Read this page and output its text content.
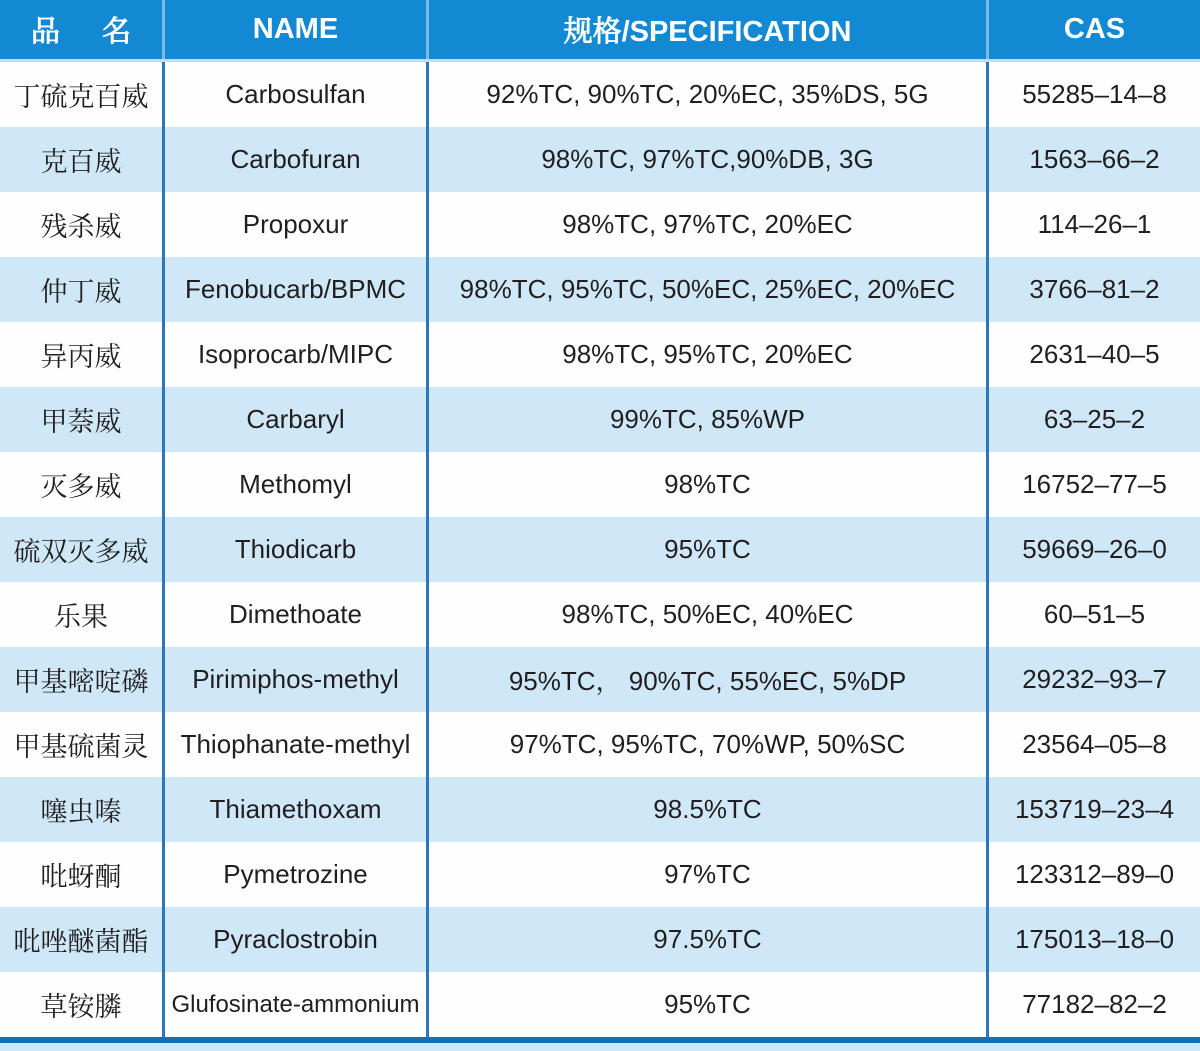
品 名	NAME	规格/SPECIFICATION	CAS
丁硫克百威	Carbosulfan	92%TC, 90%TC, 20%EC, 35%DS, 5G	55285–14–8
克百威	Carbofuran	98%TC, 97%TC,90%DB, 3G	1563–66–2
残杀威	Propoxur	98%TC, 97%TC, 20%EC	114–26–1
仲丁威 Fenobucarb/BPMC 98%TC, 95%TC, 50%EC, 25%EC, 20%EC	3766–81–2
异丙威	Isoprocarb/MIPC	98%TC, 95%TC, 20%EC	2631–40–5
甲萘威	Carbaryl	99%TC, 85%WP	63–25–2
灭多威	Methomyl	98%TC	16752–77–5
硫双灭多威	Thiodicarb	95%TC	59669–26–0
乐果	Dimethoate	98%TC, 50%EC, 40%EC	60–51–5
甲基嘧啶磷 Pirimiphos-methyl	95%TC， 90%TC, 55%EC, 5%DP	29232–93–7
甲基硫菌灵 Thiophanate-methyl	97%TC, 95%TC, 70%WP, 50%SC	23564–05–8
噻虫嗪	Thiamethoxam	98.5%TC	153719–23–4
吡蚜酮	Pymetrozine	97%TC	123312–89–0
吡唑醚菌酯 Pyraclostrobin	97.5%TC	175013–18–0
草铵膦 Glufosinate-ammonium	95%TC	77182–82–2
